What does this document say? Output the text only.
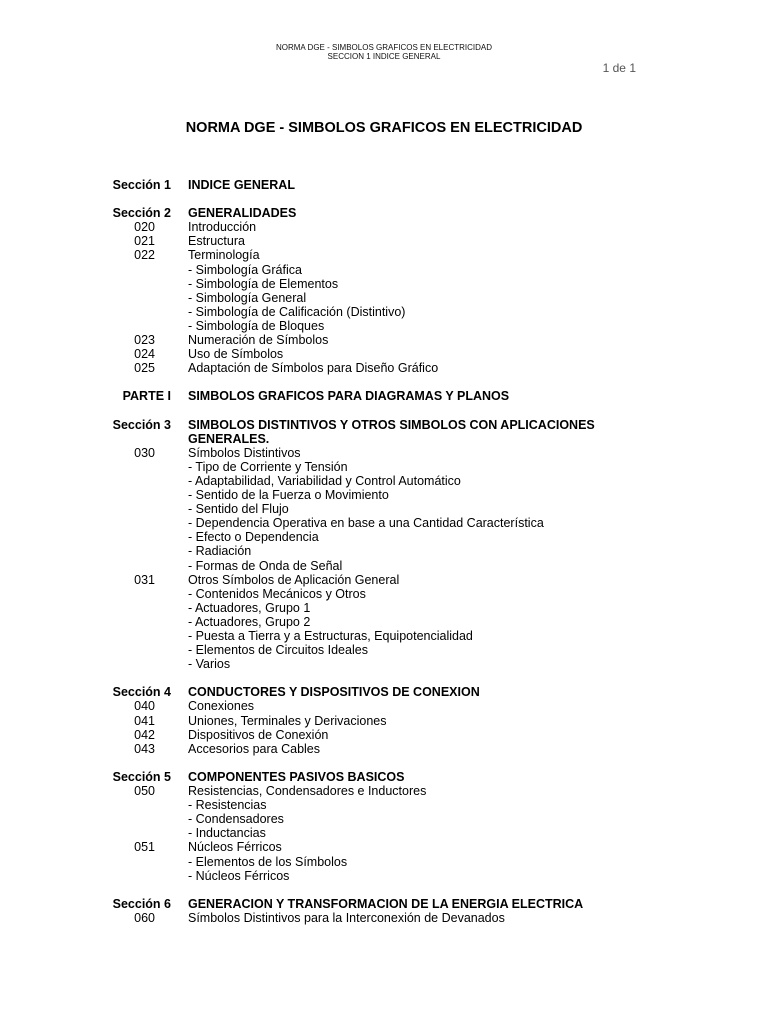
NORMA DGE - SIMBOLOS GRAFICOS EN ELECTRICIDAD
SECCION 1 INDICE GENERAL
1 de 1
NORMA DGE - SIMBOLOS GRAFICOS EN ELECTRICIDAD
Sección 1 INDICE GENERAL
Sección 2 GENERALIDADES
020	Introducción
021	Estructura
022	Terminología
- Simbología Gráfica
- Simbología de Elementos
- Simbología General
- Simbología de Calificación (Distintivo)
- Simbología de Bloques
023	Numeración de Símbolos
024	Uso de Símbolos
025	Adaptación de Símbolos para Diseño Gráfico
PARTE I SIMBOLOS GRAFICOS PARA DIAGRAMAS Y PLANOS
Sección 3 SIMBOLOS DISTINTIVOS Y OTROS SIMBOLOS CON APLICACIONES GENERALES.
030	Símbolos Distintivos
- Tipo de Corriente y Tensión
- Adaptabilidad, Variabilidad y Control Automático
- Sentido de la Fuerza o Movimiento
- Sentido del Flujo
- Dependencia Operativa en base a una Cantidad Característica
- Efecto o Dependencia
- Radiación
- Formas de Onda de Señal
031	Otros Símbolos de Aplicación General
- Contenidos Mecánicos y Otros
- Actuadores, Grupo 1
- Actuadores, Grupo 2
- Puesta a Tierra y a Estructuras, Equipotencialidad
- Elementos de Circuitos Ideales
- Varios
Sección 4 CONDUCTORES Y DISPOSITIVOS DE CONEXION
040	Conexiones
041	Uniones, Terminales y Derivaciones
042	Dispositivos de Conexión
043	Accesorios para Cables
Sección 5 COMPONENTES PASIVOS BASICOS
050	Resistencias, Condensadores e Inductores
- Resistencias
- Condensadores
- Inductancias
051	Núcleos Férricos
- Elementos de los Símbolos
- Núcleos Férricos
Sección 6 GENERACION Y TRANSFORMACION DE LA ENERGIA ELECTRICA
060	Símbolos Distintivos para la Interconexión de Devanados
